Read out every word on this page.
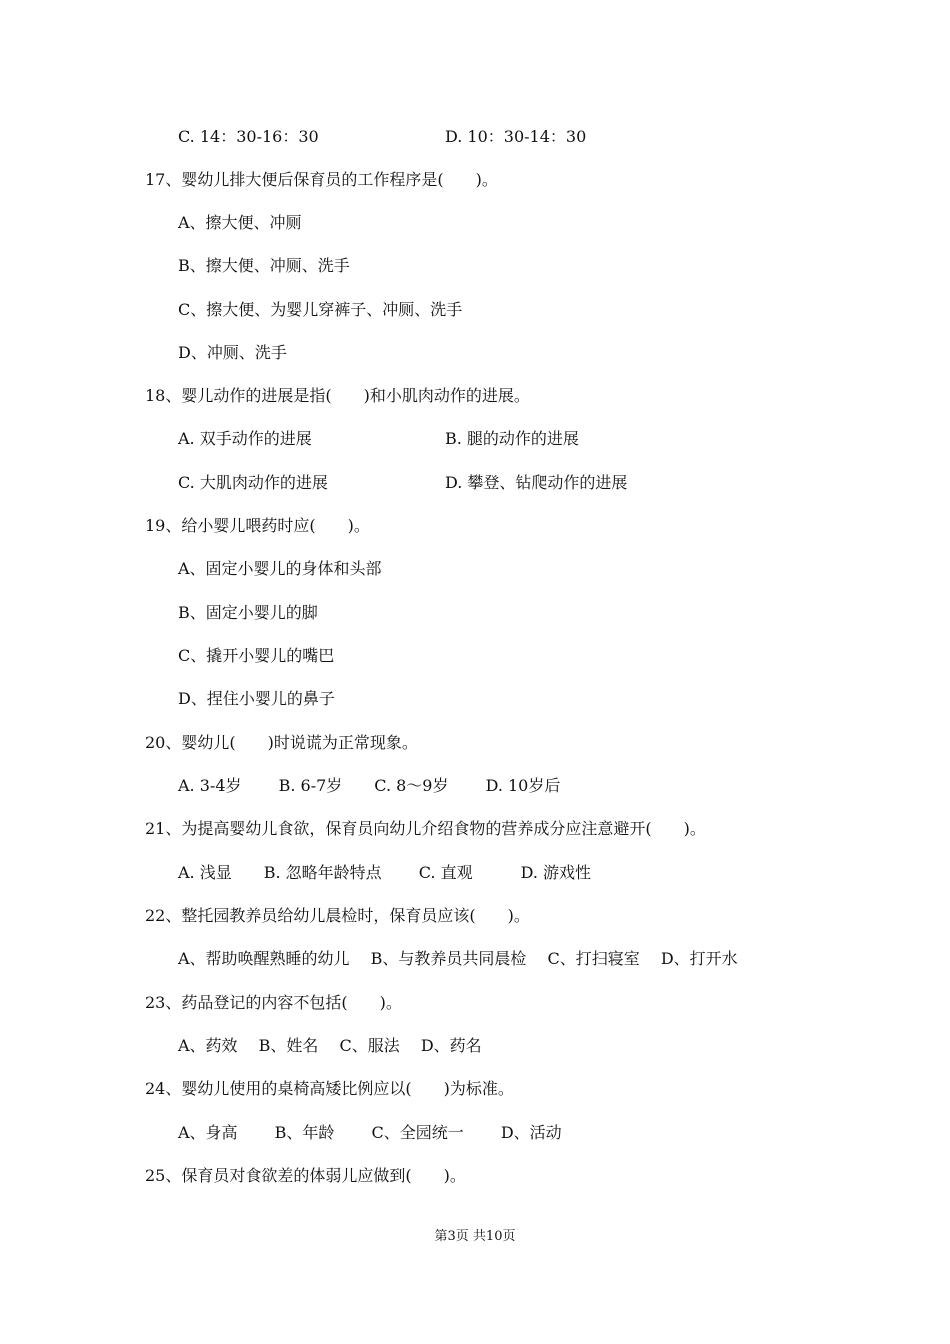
C. 14：30-16：30	D. 10：30-14：30
17、婴幼儿排大便后保育员的工作程序是(　　)。
A、擦大便、冲厕
B、擦大便、冲厕、洗手
C、擦大便、为婴儿穿裤子、冲厕、洗手
D、冲厕、洗手
18、婴儿动作的进展是指(　　)和小肌肉动作的进展。
A. 双手动作的进展	B. 腿的动作的进展
C. 大肌肉动作的进展	D. 攀登、钻爬动作的进展
19、给小婴儿喂药时应(　　)。
A、固定小婴儿的身体和头部
B、固定小婴儿的脚
C、撬开小婴儿的嘴巴
D、捏住小婴儿的鼻子
20、婴幼儿(　　)时说谎为正常现象。
A. 3-4岁　　 B. 6-7岁　　C. 8～9岁　　 D. 10岁后
21、为提高婴幼儿食欲，保育员向幼儿介绍食物的营养成分应注意避开(　　)。
A. 浅显　　B. 忽略年龄特点　　 C. 直观　　　D. 游戏性
22、整托园教养员给幼儿晨检时，保育员应该(　　)。
A、帮助唤醒熟睡的幼儿　 B、与教养员共同晨检　 C、打扫寝室　 D、打开水
23、药品登记的内容不包括(　　)。
A、药效　 B、姓名　 C、服法　 D、药名
24、婴幼儿使用的桌椅高矮比例应以(　　)为标准。
A、身高　　 B、年龄　　 C、全园统一　　 D、活动
25、保育员对食欲差的体弱儿应做到(　　)。
第3页 共10页
